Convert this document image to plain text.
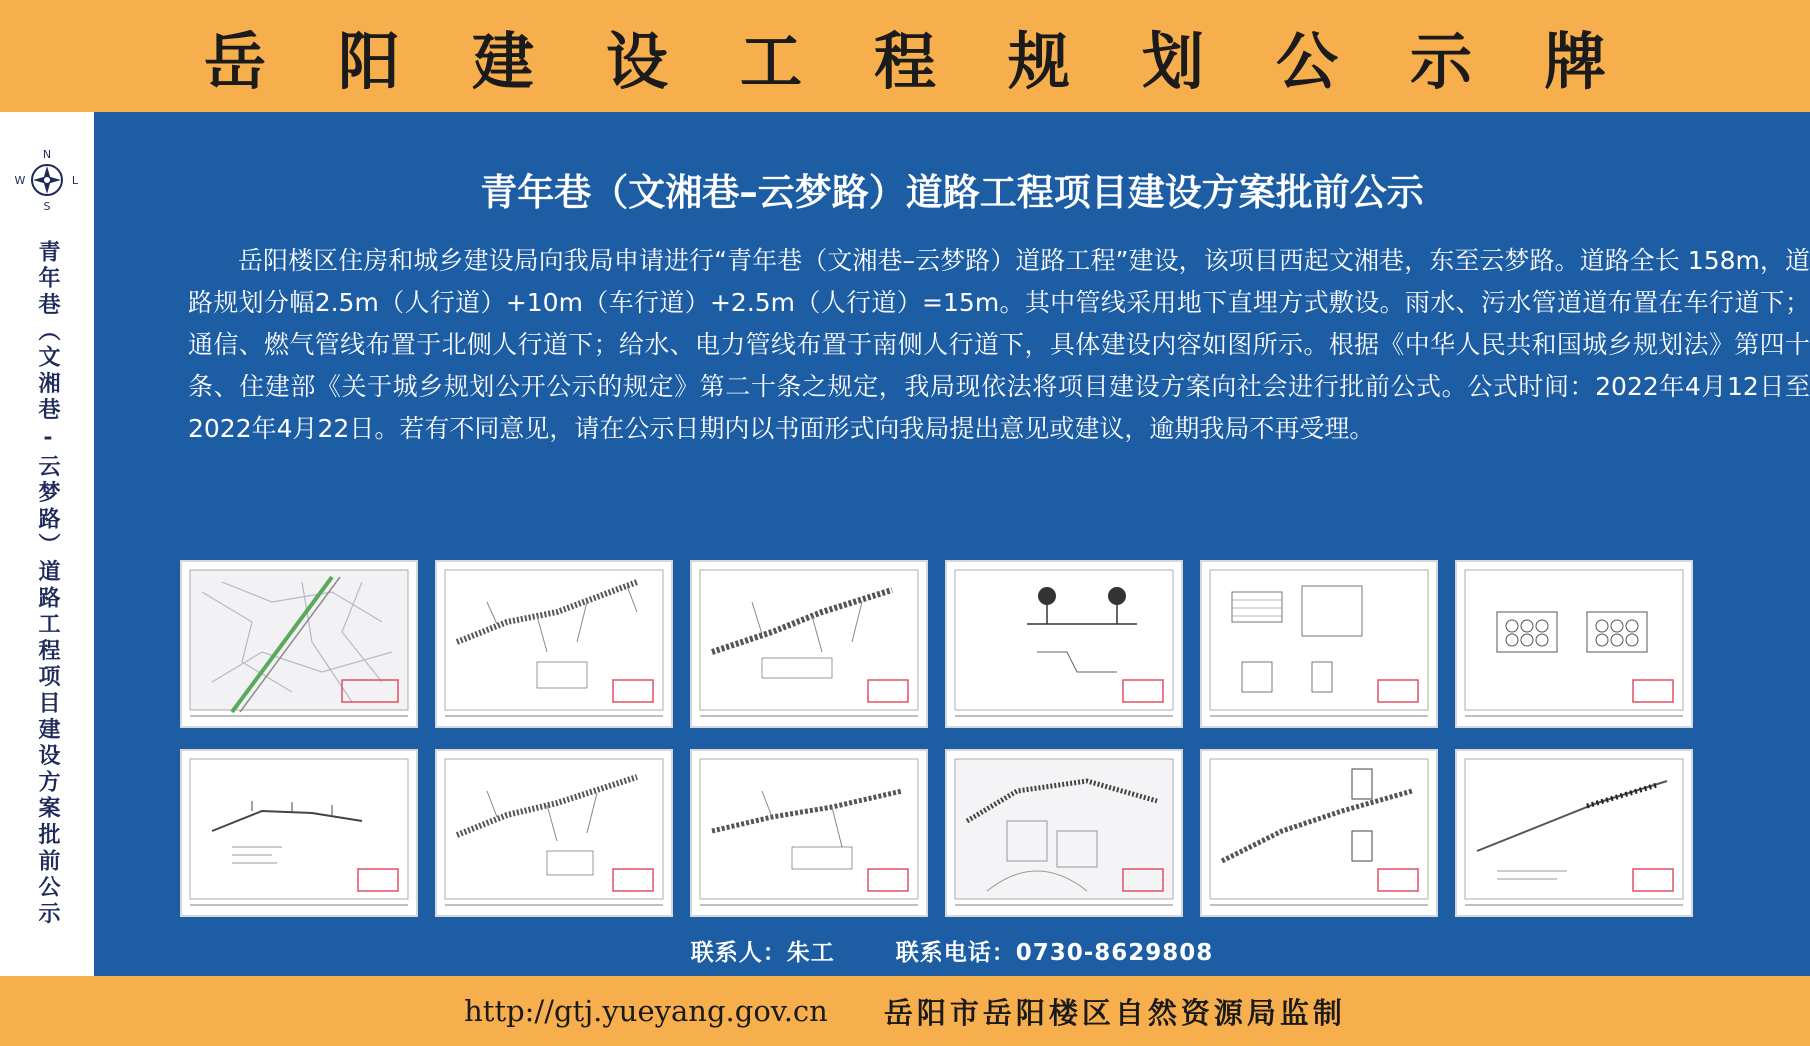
岳阳建设工程规划公示牌
N
S
W	L
青年巷（文湘巷-云梦路）道路工程项目建设方案批前公示
青年巷（文湘巷–云梦路）道路工程项目建设方案批前公示

岳阳楼区住房和城乡建设局向我局申请进行“青年巷（文湘巷–云梦路）道路工程”建设，该项目西起文湘巷，东至云梦路。道路全长 158m，道路规划分幅2.5m（人行道）+10m（车行道）+2.5m（人行道）=15m。其中管线采用地下直埋方式敷设。雨水、污水管道道布置在车行道下；通信、燃气管线布置于北侧人行道下；给水、电力管线布置于南侧人行道下，具体建设内容如图所示。根据《中华人民共和国城乡规划法》第四十条、住建部《关于城乡规划公开公示的规定》第二十条之规定，我局现依法将项目建设方案向社会进行批前公式。公式时间：2022年4月12日至2022年4月22日。若有不同意见，请在公示日期内以书面形式向我局提出意见或建议，逾期我局不再受理。

联系人：朱工	联系电话：0730-8629808
http://gtj.yueyang.gov.cn 岳阳市岳阳楼区自然资源局监制
